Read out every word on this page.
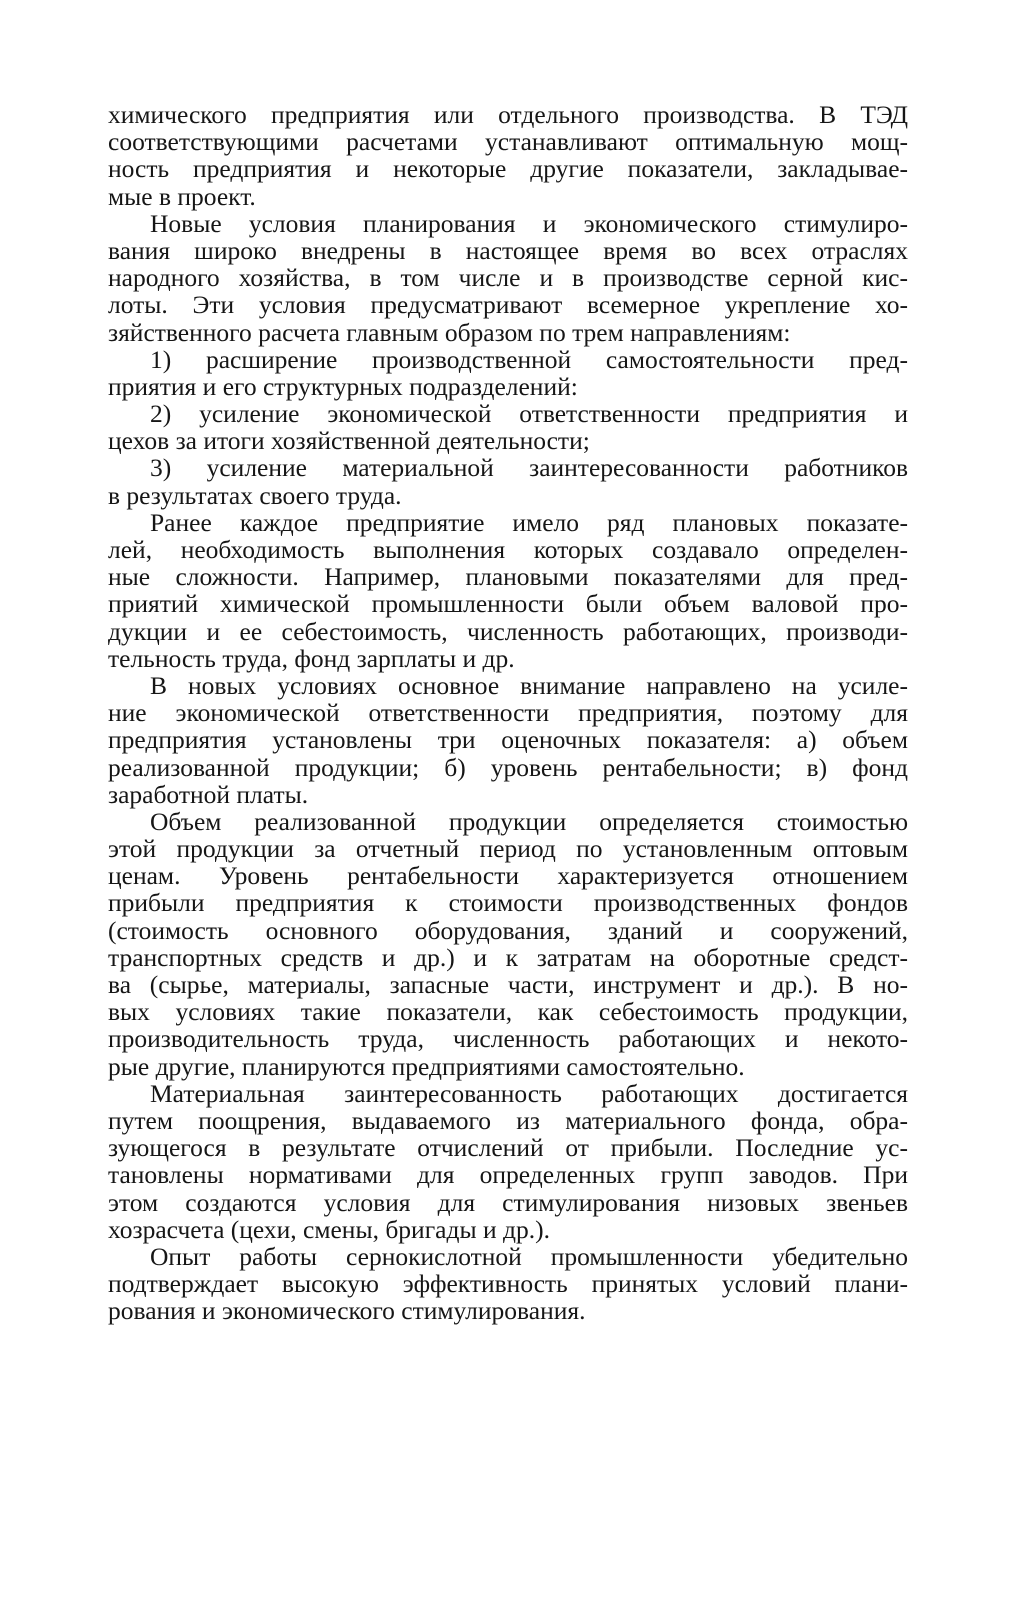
химического предприятия или отдельного производства. В ТЭД
соответствующими расчетами устанавливают оптимальную мощ-
ность предприятия и некоторые другие показатели, закладывае-
мые в проект.
Новые условия планирования и экономического стимулиро-
вания широко внедрены в настоящее время во всех отраслях
народного хозяйства, в том числе и в производстве серной кис-
лоты. Эти условия предусматривают всемерное укрепление хо-
зяйственного расчета главным образом по трем направлениям:
1) расширение производственной самостоятельности пред-
приятия и его структурных подразделений:
2) усиление экономической ответственности предприятия и
цехов за итоги хозяйственной деятельности;
3) усиление материальной заинтересованности работников
в результатах своего труда.
Ранее каждое предприятие имело ряд плановых показате-
лей, необходимость выполнения которых создавало определен-
ные сложности. Например, плановыми показателями для пред-
приятий химической промышленности были объем валовой про-
дукции и ее себестоимость, численность работающих, производи-
тельность труда, фонд зарплаты и др.
В новых условиях основное внимание направлено на усиле-
ние экономической ответственности предприятия, поэтому для
предприятия установлены три оценочных показателя: а) объем
реализованной продукции; б) уровень рентабельности; в) фонд
заработной платы.
Объем реализованной продукции определяется стоимостью
этой продукции за отчетный период по установленным оптовым
ценам. Уровень рентабельности характеризуется отношением
прибыли предприятия к стоимости производственных фондов
(стоимость основного оборудования, зданий и сооружений,
транспортных средств и др.) и к затратам на оборотные средст-
ва (сырье, материалы, запасные части, инструмент и др.). В но-
вых условиях такие показатели, как себестоимость продукции,
производительность труда, численность работающих и некото-
рые другие, планируются предприятиями самостоятельно.
Материальная заинтересованность работающих достигается
путем поощрения, выдаваемого из материального фонда, обра-
зующегося в результате отчислений от прибыли. Последние ус-
тановлены нормативами для определенных групп заводов. При
этом создаются условия для стимулирования низовых звеньев
хозрасчета (цехи, смены, бригады и др.).
Опыт работы сернокислотной промышленности убедительно
подтверждает высокую эффективность принятых условий плани-
рования и экономического стимулирования.
